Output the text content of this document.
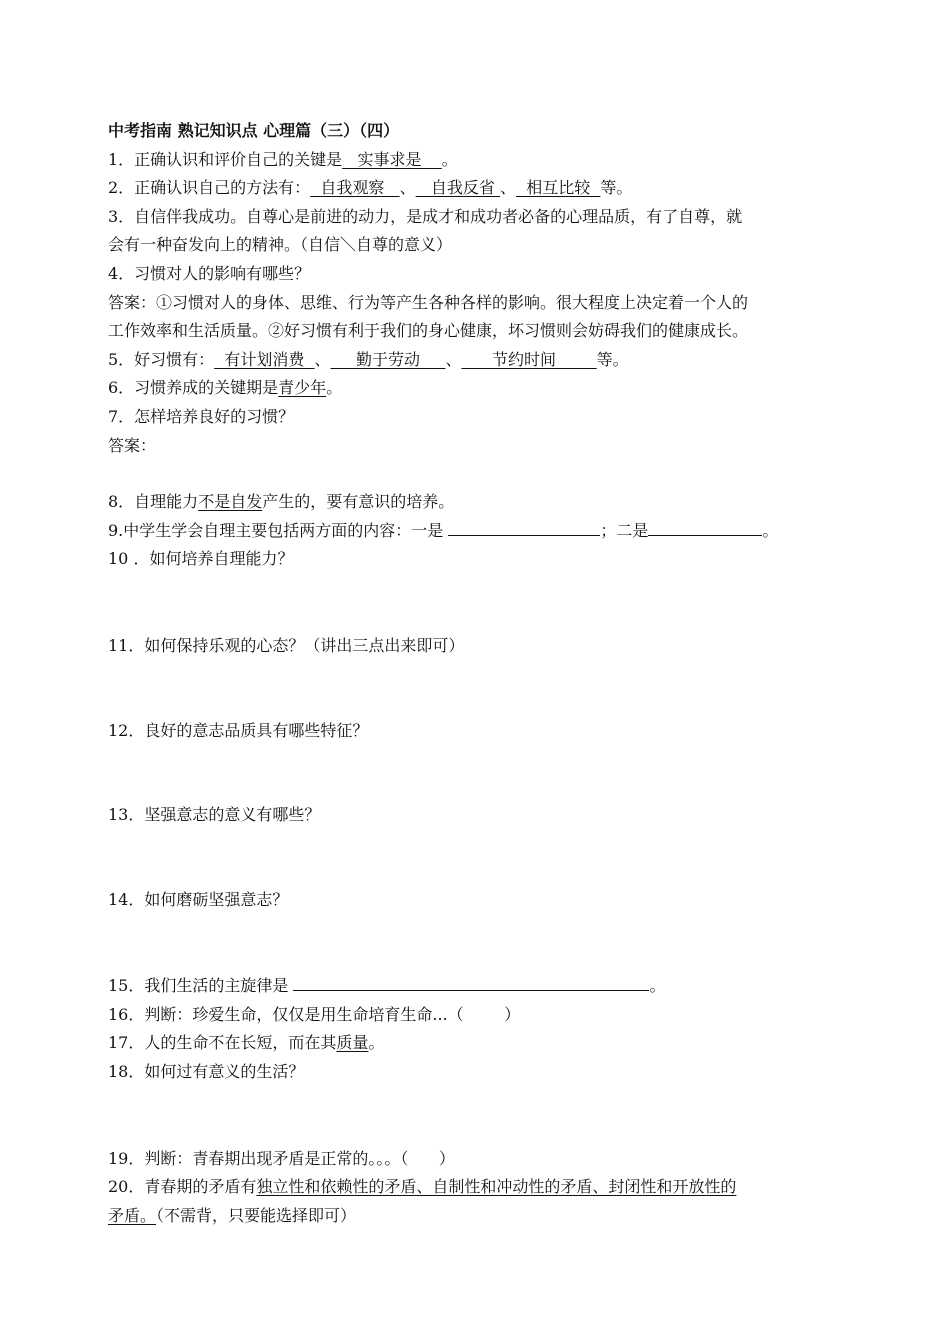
中考指南 熟记知识点 心理篇（三）（四）
1．正确认识和评价自己的关键是   实事求是    。
2．正确认识自己的方法有：  自我观察   、   自我反省 、  相互比较  等。
3．自信伴我成功。自尊心是前进的动力，是成才和成功者必备的心理品质，有了自尊，就
会有一种奋发向上的精神。（自信＼自尊的意义）
4．习惯对人的影响有哪些？
答案：①习惯对人的身体、思维、行为等产生各种各样的影响。很大程度上决定着一个人的
工作效率和生活质量。②好习惯有利于我们的身心健康，坏习惯则会妨碍我们的健康成长。
5．好习惯有：  有计划消费  、     勤于劳动     、      节约时间        等。
6．习惯养成的关键期是青少年。
7．怎样培养良好的习惯？
答案：
8．自理能力不是自发产生的，要有意识的培养。
9.中学生学会自理主要包括两方面的内容：一是	；二是	。
10 ．如何培养自理能力？
11．如何保持乐观的心态？（讲出三点出来即可）
12．良好的意志品质具有哪些特征？
13．坚强意志的意义有哪些？
14．如何磨砺坚强意志？
15．我们生活的主旋律是	。
16．判断：珍爱生命，仅仅是用生命培育生命...（        ）
17．人的生命不在长短，而在其质量。
18．如何过有意义的生活？
19．判断：青春期出现矛盾是正常的。。。（      ）
20．青春期的矛盾有独立性和依赖性的矛盾、自制性和冲动性的矛盾、封闭性和开放性的
矛盾。（不需背，只要能选择即可）
